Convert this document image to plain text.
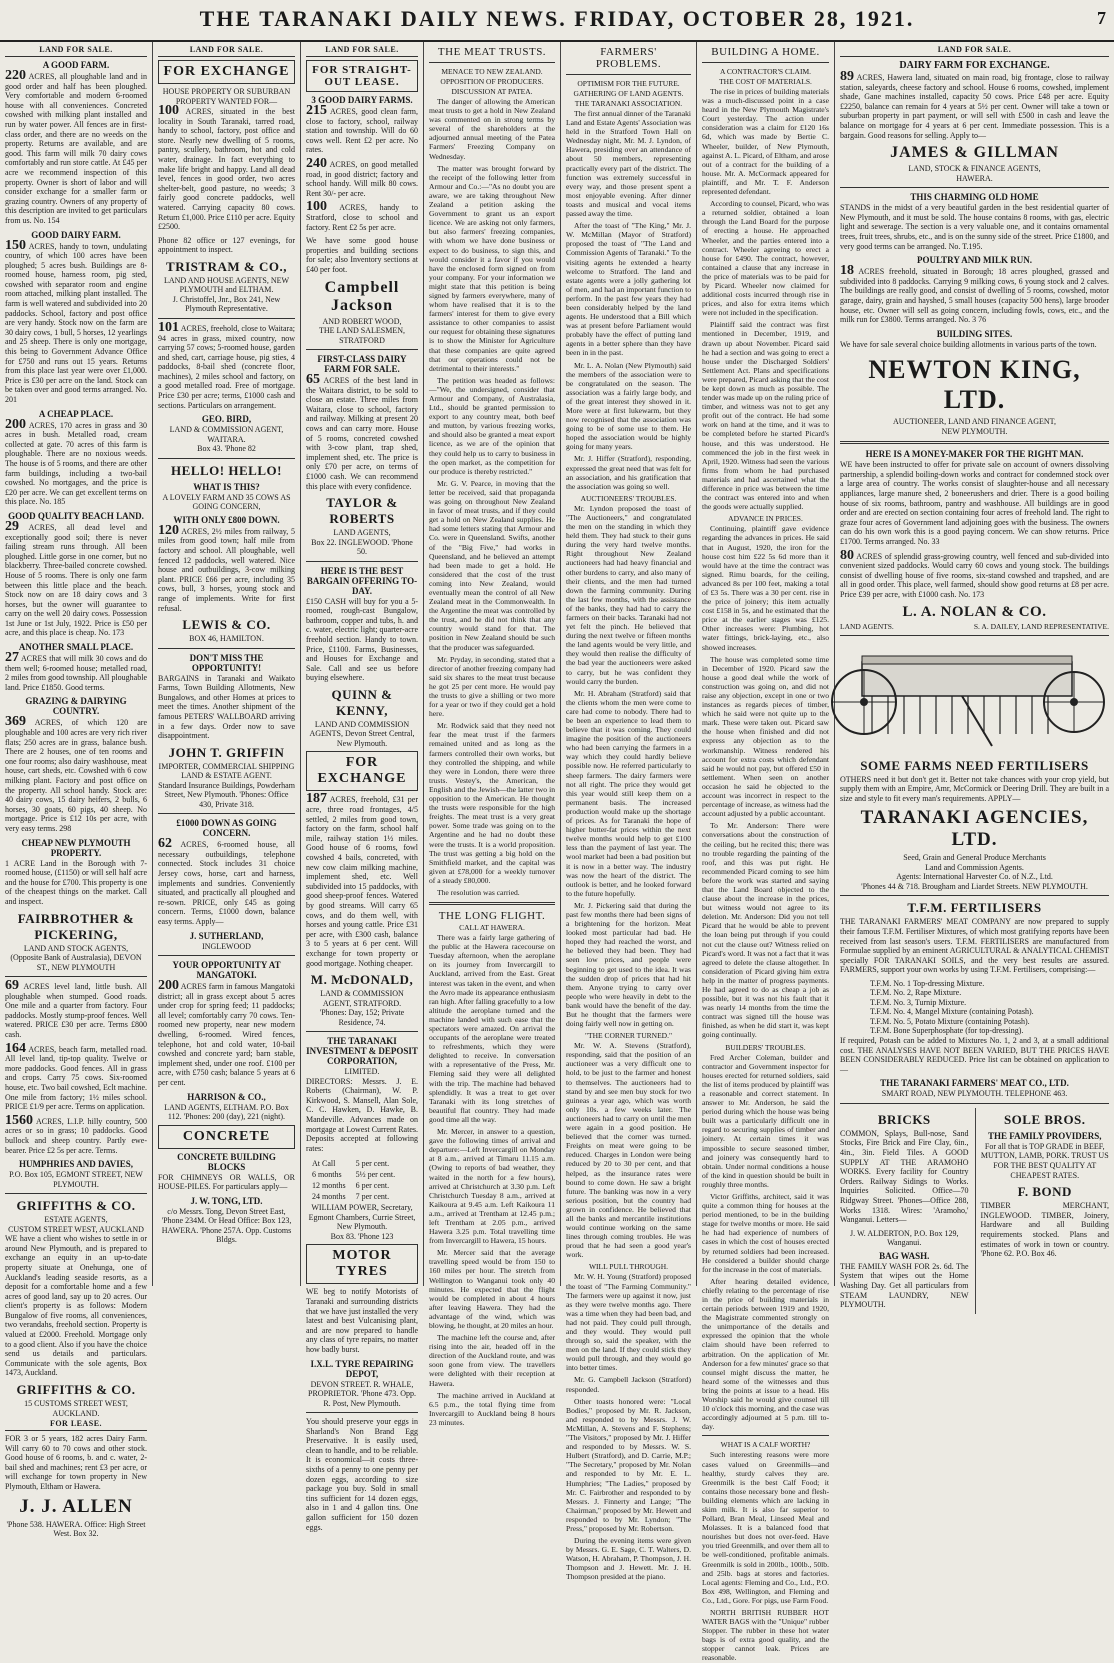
THE TARANAKI DAILY NEWS. FRIDAY, OCTOBER 28, 1921.	7
LAND FOR SALE.
A GOOD FARM.
220 ACRES, all ploughable land and in good order and half has been ploughed. Very comfortable and modern 6-roomed house with all conveniences. Concreted cowshed with milking plant installed and run by water power. All fences are in first-class order, and there are no weeds on the property. Returns are available, and are good. This farm will milk 70 dairy cows comfortably and run store cattle. At £45 per acre we recommend inspection of this property. Owner is short of labor and will consider exchange for a smaller farm or grazing country. Owners of any property of this description are invited to get particulars from us. No. 154
GOOD DAIRY FARM.
150 ACRES, handy to town, undulating country, of which 100 acres have been ploughed; 5 acres bush. Buildings are 8-roomed house, harness room, pig sted, cowshed with separator room and engine room attached, milking plant installed. The farm is well watered and subdivided into 20 paddocks. School, factory and post office are very handy. Stock now on the farm are 30 dairy cows, 1 bull, 5 horses, 12 yearlings and 25 sheep. There is only one mortgage, this being to Government Advance Office for £750 and runs out 15 years. Returns from this place last year were over £1,000. Price is £30 per acre on the land. Stock can be taken over and good terms arranged. No. 201
A CHEAP PLACE.
200 ACRES, 170 acres in grass and 30 acres in bush. Metalled road, cream collected at gate. 70 acres of this farm is ploughable. There are no noxious weeds. The house is of 5 rooms, and there are other farm buildings, including a two-bail cowshed. No mortgages, and the price is £20 per acre. We can get excellent terms on this place. No. 185
GOOD QUALITY BEACH LAND.
29 ACRES, all dead level and exceptionally good soil; there is never failing stream runs through. All been ploughed. Little gorse in one corner, but no blackberry. Three-bailed concrete cowshed. House of 5 rooms. There is only one farm between this little place and the beach. Stock now on are 18 dairy cows and 3 horses, but the owner will guarantee to carry on the well 20 dairy cows. Possession 1st June or 1st July, 1922. Price is £50 per acre, and this place is cheap. No. 173
ANOTHER SMALL PLACE.
27 ACRES that will milk 30 cows and do them well; 6-roomed house; metalled road, 2 miles from good township. All ploughable land. Price £1850. Good terms.
GRAZING & DAIRYING COUNTRY.
369 ACRES, of which 120 are ploughable and 100 acres are very rich river flats; 250 acres are in grass, balance bush. There are 2 houses, one of ten rooms and one four rooms; also dairy washhouse, meat house, cart sheds, etc. Cowshed with 6 cow milking plant. Factory and post office on the property. All school handy. Stock are: 40 dairy cows, 15 dairy heifers, 2 bulls, 6 horses, 30 goats, 60 pigs, 40 sheep. No mortgage. Price is £12 10s per acre, with very easy terms. 298
CHEAP NEW PLYMOUTH PROPERTY.
1 ACRE Land in the Borough with 7-roomed house, (£1150) or will sell half acre and the house for £700. This property is one of the cheapest things on the market. Call and inspect.
FAIRBROTHER & PICKERING,
LAND AND STOCK AGENTS,
(Opposite Bank of Australasia), DEVON ST., NEW PLYMOUTH
69 ACRES level land, little bush. All ploughable when stumped. Good roads. One mile and a quarter from factory. Four paddocks. Mostly stump-proof fences. Well watered. PRICE £30 per acre. Terms £800 cash.
164 ACRES, beach farm, metalled road. All level land, tip-top quality. Twelve or more paddocks. Good fences. All in grass and crops. Carry 75 cows. Six-roomed house, etc. Two bail cowshed, Eclt machine. One mile from factory; 1½ miles school. PRICE £1/9 per acre. Terms on application.
1560 ACRES, L.I.P. hilly country, 500 acres or so in grass; 10 paddocks. Good bullock and sheep country. Partly ewe-bearer. Price £2 5s per acre. Terms.
HUMPHRIES AND DAVIES,
P.O. Box 105, EGMONT STREET, NEW PLYMOUTH.
GRIFFITHS & CO.
ESTATE AGENTS,
CUSTOM STREET WEST, AUCKLAND
WE have a client who wishes to settle in or around New Plymouth, and is prepared to exchange an equity in an up-to-date property situate at Onehunga, one of Auckland's leading seaside resorts, as a deposit for a comfortable home and a few acres of good land, say up to 20 acres. Our client's property is as follows: Modern Bungalow of five rooms, all conveniences, two verandahs, freehold section. Property is valued at £2000. Freehold. Mortgage only to a good client. Also if you have the choice send us details and particulars. Communicate with the sole agents, Box 1473, Auckland.
GRIFFITHS & CO.
15 CUSTOMS STREET WEST, AUCKLAND.
FOR LEASE.
FOR 3 or 5 years, 182 acres Dairy Farm. Will carry 60 to 70 cows and other stock. Good house of 6 rooms, b. and c. water, 2-bail shed and machines; rent £3 per acre, or will exchange for town property in New Plymouth, Eltham or Hawera.
J. J. ALLEN
'Phone 538. HAWERA. Office: High Street West. Box 32.
LAND FOR SALE.
FOR EXCHANGE
HOUSE PROPERTY OR SUBURBAN PROPERTY WANTED FOR—
100 ACRES, situated in the best locality in South Taranaki, tarred road, handy to school, factory, post office and store. Nearly new dwelling of 5 rooms, pantry, scullery, bathroom, hot and cold water, drainage. In fact everything to make life bright and happy. Land all dead level, fences in good order, two acres shelter-belt, good pasture, no weeds; 3 fairly good concrete paddocks, well watered. Carrying capacity 80 cows. Return £1,000. Price £110 per acre. Equity £2500.
Phone 82 office or 127 evenings, for appointment to inspect.
TRISTRAM & CO.,
LAND AND HOUSE AGENTS, NEW PLYMOUTH and ELTHAM.
J. Christoffel, Jnr., Box 241, New Plymouth Representative.
101 ACRES, freehold, close to Waitara; 94 acres in grass, mixed country, now carrying 57 cows; 5-roomed house, garden and shed, cart, carriage house, pig sties, 4 paddocks, 8-bail shed (concrete floor, machines), 2 miles school and factory, on a good metalled road. Free of mortgage. Price £30 per acre; terms, £1000 cash and sections. Particulars on arrangement.
GEO. BIRD,
LAND & COMMISSION AGENT, WAITARA.
Box 43. 'Phone 82
HELLO! HELLO!
WHAT IS THIS?
A LOVELY FARM AND 35 COWS AS GOING CONCERN,
WITH ONLY £800 DOWN.
120 ACRES, 2½ miles from railway, 5 miles from good town; half mile from factory and school. All ploughable, well fenced 12 paddocks, well watered. Nice house and outbuildings, 3-cow milking plant. PRICE £66 per acre, including 35 cows, bull, 3 horses, young stock and range of implements. Write for first refusal.
LEWIS & CO.
BOX 46, HAMILTON.
DON'T MISS THE OPPORTUNITY!
BARGAINS in Taranaki and Waikato Farms, Town Building Allotments, New Bungalows, and other Homes at prices to meet the times. Another shipment of the famous PETERS' WALLBOARD arriving in a few days. Order now to save disappointment.
JOHN T. GRIFFIN
IMPORTER, COMMERCIAL SHIPPING LAND & ESTATE AGENT.
Standard Insurance Buildings, Powderham Street, New Plymouth. 'Phones: Office 430, Private 318.
£1000 DOWN AS GOING CONCERN.
62 ACRES, 6-roomed house, all necessary outbuildings, telephone connected. Stock includes 31 choice Jersey cows, horse, cart and harness, implements and sundries. Conveniently situated, and practically all ploughed and re-sown. PRICE, only £45 as going concern. Terms, £1000 down, balance easy terms. Apply—
J. SUTHERLAND,
INGLEWOOD
YOUR OPPORTUNITY AT MANGATOKI.
200 ACRES farm in famous Mangatoki district; all in grass except about 5 acres under crop for spring feed; 11 paddocks; all level; comfortably carry 70 cows. Ten-roomed new property, near new modern dwelling, 6-roomed. Wired fences, telephone, hot and cold water, 10-bail cowshed and concrete yard; barn stable, implement shed, under one roof. £100 per acre, with £750 cash; balance 5 years at 6 per cent.
HARRISON & CO.,
LAND AGENTS, ELTHAM. P.O. Box 112. 'Phones: 200 (day), 221 (night).
CONCRETE
CONCRETE BUILDING BLOCKS
FOR CHIMNEYS OR WALLS, OR HOUSE-PILES. For particulars apply—
J. W. TONG, LTD.
c/o Messrs. Tong, Devon Street East, 'Phone 234M. Or Head Office: Box 123, HAWERA. 'Phone 257A. Opp. Customs Bldgs.
LAND FOR SALE.
FOR STRAIGHT-OUT LEASE.
3 GOOD DAIRY FARMS.
215 ACRES, good clean farm, close to factory, school, railway station and township. Will do 60 cows well. Rent £2 per acre. No rates.
240 ACRES, on good metalled road, in good district; factory and school handy. Will milk 80 cows. Rent 30/- per acre.
100 ACRES, handy to Stratford, close to school and factory. Rent £2 5s per acre.
We have some good house properties and building sections for sale; also Inventory sections at £40 per foot.
Campbell Jackson
AND ROBERT WOOD,
THE LAND SALESMEN, STRATFORD
FIRST-CLASS DAIRY FARM FOR SALE.
65 ACRES of the best land in the Waitara district, to be sold to close an estate. Three miles from Waitara, close to school, factory and railway. Milking at present 20 cows and can carry more. House of 5 rooms, concreted cowshed with 3-cow plant, trap shed, implement shed, etc. The price is only £70 per acre, on terms of £1000 cash. We can recommend this place with every confidence.
TAYLOR & ROBERTS
LAND AGENTS,
Box 22. INGLEWOOD. 'Phone 50.
HERE IS THE BEST BARGAIN OFFERING TO-DAY.
£150 CASH will buy for you a 5-roomed, rough-cast Bungalow, bathroom, copper and tubs, h. and c. water, electric light; quarter-acre freehold section. Handy to town. Price, £1100. Farms, Businesses, and Houses for Exchange and Sale. Call and see us before buying elsewhere.
QUINN & KENNY,
LAND AND COMMISSION AGENTS, Devon Street Central, New Plymouth.
FOR EXCHANGE
187 ACRES, freehold, £31 per acre, three road frontages, 4/5 settled, 2 miles from good town, factory on the farm, school half mile, railway station 1½ miles. Good house of 6 rooms, fowl cowshed 4 bails, concreted, with new cow claim milking machine, implement shed, etc. Well subdivided into 15 paddocks, with good sheep-proof fences. Watered by good streams. Will carry 65 cows, and do them well, with horses and young cattle. Price £31 per acre, with £300 cash, balance 3 to 5 years at 6 per cent. Will exchange for town property or good mortgage. Nothing cheaper.
M. McDONALD,
LAND & COMMISSION AGENT, STRATFORD.
'Phones: Day, 152; Private Residence, 74.
THE TARANAKI INVESTMENT & DEPOSIT CORPORATION,
LIMITED.
DIRECTORS: Messrs. J. E. Roberts (Chairman), W. P. Kirkwood, S. Mansell, Alan Sole, C. C. Hawken, D. Hawke, B. Mandeville. Advances made on mortgage at Lowest Current Rates. Deposits accepted at following rates:
At Call	5 per cent.
6 months	5½ per cent.
12 months	6 per cent.
24 months	7 per cent.
WILLIAM POWER, Secretary, Egmont Chambers, Currie Street, New Plymouth.
Box 83. 'Phone 123
MOTOR TYRES
WE beg to notify Motorists of Taranaki and surrounding districts that we have just installed the very latest and best Vulcanising plant, and are now prepared to handle any class of tyre repairs, no matter how badly burst.
I.X.L. TYRE REPAIRING DEPOT,
DEVON STREET. R. WHALE, PROPRIETOR. 'Phone 473. Opp. R. Post, New Plymouth.
You should preserve your eggs in Sharland's Non Brand Egg Preservative. It is easily used, clean to handle, and to be reliable. It is economical—it costs three-sixths of a penny to one penny per dozen eggs, according to size package you buy. Sold in small tins sufficient for 14 dozen eggs, also in 1 and 4 gallon tins. One gallon sufficient for 150 dozen eggs.
THE MEAT TRUSTS.
MENACE TO NEW ZEALAND.
OPPOSITION OF PRODUCERS.
DISCUSSION AT PATEA.

The danger of allowing the American meat trusts to get a hold in New Zealand was commented on in strong terms by several of the shareholders at the adjourned annual meeting of the Patea Farmers' Freezing Company on Wednesday.

The matter was brought forward by the receipt of the following letter from Armour and Co.:—"As no doubt you are aware, we are taking throughout New Zealand a petition asking the Government to grant us an export licence. We are asking not only farmers, but also farmers' freezing companies, with whom we have done business or expect to do business, to sign this, and would consider it a favor if you would have the enclosed form signed on from your company. For your information we might state that this petition is being signed by farmers everywhere, many of whom have realised that it is to the farmers' interest for them to give every assistance to other companies to assist our request for obtaining these signatures is to show the Minister for Agriculture that these companies are quite agreed that our operations could not be detrimental to their interests."

The petition was headed as follows:—"We, the undersigned, consider that Armour and Company, of Australasia, Ltd., should be granted permission to export to any country meat, both beef and mutton, by various freezing works, and should also be granted a meat export licence, as we are of the opinion that they could help us to carry to business in the open market, as the competition for our produce is thereby restricted."

Mr. G. V. Pearce, in moving that the letter be received, said that propaganda was going on throughout New Zealand in favor of meat trusts, and if they could get a hold on New Zealand supplies. He had some letters stating that Armour and Co. were in Queensland. Swifts, another of the "Big Five," had works in Queensland, and he believed an attempt had been made to get a hold. He considered that the cost of the trust coming into New Zealand, would eventually mean the control of all New Zealand meat in the Commonwealth. In the Argentine the meat was controlled by the trust, and he did not think that any country would stand for that. The position in New Zealand should be such that the producer was safeguarded.

Mr. Pryday, in seconding, stated that a director of another freezing company had said six shares to the meat trust because he got 25 per cent more. He would pay the trusts to give a shilling or two more for a year or two if they could get a hold here.

Mr. Rodwick said that they need not fear the meat trust if the farmers remained united and as long as the farmers controlled their own works, but they controlled the shipping, and while they were in London, there were three trusts. Vestey's, the American, the English and the Jewish—the latter two in opposition to the American. He thought the trusts were responsible for the high freights. The meat trust is a very great power. Some trade was going on to the Argentine and he had no doubt these were the trusts. It is a world proposition. The trust was getting a big hold on the Smithfield market, and the capital was given at £78,000 for a weekly turnover of a steady £80,000.

The resolution was carried.

THE LONG FLIGHT.
CALL AT HAWERA.

There was a fairly large gathering of the public at the Hawera racecourse on Tuesday afternoon, when the aeroplane on its journey from Invercargill to Auckland, arrived from the East. Great interest was taken in the event, and when the Avro made its appearance enthusiasm ran high. After falling gracefully to a low altitude the aeroplane turned and the machine landed with such ease that the spectators were amazed. On arrival the occupants of the aeroplane were treated to refreshments, which they were delighted to receive. In conversation with a representative of the Press, Mr. Fleming said they were all delighted with the trip. The machine had behaved splendidly. It was a treat to get over Taranaki with its long stretches of beautiful flat country. They had made good time all the way.

Mr. Mercer, in answer to a question, gave the following times of arrival and departure:—Left Invercargill on Monday at 8 a.m., arrived at Timaru 11.15 a.m. (Owing to reports of bad weather, they waited in the north for a few hours), arrived at Christchurch at 3.30 p.m. Left Christchurch Tuesday 8 a.m., arrived at Kaikoura at 9.45 a.m. Left Kaikoura 11 a.m., arrived at Trentham at 12.45 p.m.; left Trentham at 2.05 p.m., arrived Hawera 3.25 p.m. Total travelling time from Invercargill to Hawera, 15 hours.

Mr. Mercer said that the average travelling speed would be from 150 to 160 miles per hour. The stretch from Wellington to Wanganui took only 40 minutes. He expected that the flight would be completed in about 4 hours after leaving Hawera. They had the advantage of the wind, which was blowing, he thought, at 20 miles an hour.

The machine left the course and, after rising into the air, headed off in the direction of the Auckland route, and was soon gone from view. The travellers were delighted with their reception at Hawera.

The machine arrived in Auckland at 6.5 p.m., the total flying time from Invercargill to Auckland being 8 hours 23 minutes.

FARMERS' PROBLEMS.
OPTIMISM FOR THE FUTURE.
GATHERING OF LAND AGENTS.
THE TARANAKI ASSOCIATION.

The first annual dinner of the Taranaki Land and Estate Agents' Association was held in the Stratford Town Hall on Wednesday night, Mr. M. J. Lyndon, of Hawera, presiding over an attendance of about 50 members, representing practically every part of the district. The function was extremely successful in every way, and those present spent a most enjoyable evening. After dinner toasts and musical and vocal items passed away the time.

After the toast of "The King," Mr. J. W. McMillan (Mayor of Stratford) proposed the toast of "The Land and Commission Agents of Taranaki." To the visiting agents he extended a hearty welcome to Stratford. The land and estate agents were a jolly gathering lot of men, and had an important function to perform. In the past few years they had been considerably helped by the land agents. He understood that a Bill which was at present before Parliament would probably have the effect of putting land agents in a better sphere than they have been in in the past.

Mr. L. A. Nolan (New Plymouth) said the members of the association were to be congratulated on the season. The association was a fairly large body, and of the great interest they showed in it. More were at first lukewarm, but they now recognised that the association was going to be of some use to them. He hoped the association would be highly going for many years.

Mr. J. Hiffer (Stratford), responding, expressed the great need that was felt for an association, and his gratification that the association was going so well.

AUCTIONEERS' TROUBLES.

Mr. Lyndon proposed the toast of "The Auctioneers," and congratulated the men on the standing in which they held them. They had stuck to their guns during the very hard twelve months. Right throughout New Zealand auctioneers had had heavy financial and other burdens to carry, and also many of their clients, and the men had turned down the farming community. During the last few months, with the assistance of the banks, they had had to carry the farmers on their backs. Taranaki had not yet felt the pinch. He believed that during the next twelve or fifteen months the land agents would be very little, and they would then realise the difficulty of the bad year the auctioneers were asked to carry, but he was confident they would carry the burden.

Mr. H. Abraham (Stratford) said that the clients whom the men were come to care had come to nobody. There had to be been an experience to lead them to believe that it was coming. They could imagine the position of the auctioneers who had been carrying the farmers in a way which they could hardly believe possible now. He referred particularly to sheep farmers. The dairy farmers were not all right. The price they would get this year would still keep them on a permanent basis. The increased production would make up the shortage of prices. As for Taranaki the hope of higher butter-fat prices within the next twelve months would help to get £100 less than the payment of last year. The wool market had been a bad position but it is now in a better way. The industry was now the heart of the district. The outlook is better, and he looked forward to the future hopefully.

Mr. J. Pickering said that during the past few months there had been signs of a brightening for the horizon. Meat looked most particular had bad. He hoped they had reached the worst, and he believed they had been. They had seen low prices, and people were beginning to get used to the idea. It was the sudden drop of prices that had hit them. Anyone trying to carry over people who were heavily in debt to the bank would have the benefit of the day. But he thought that the farmers were doing fairly well now in getting on.

"THE CORNER TURNED."

Mr. W. A. Stevens (Stratford), responding, said that the position of an auctioneer was a very difficult one to hold, to be just to the farmer and honest to themselves. The auctioneers had to stand by and see men buy stock for two guineas a year ago, which was worth only 10s. a few weeks later. The auctioneers had to carry on until the men were again in a good position. He believed that the corner was turned. Freights on meat were going to be reduced. Charges in London were being reduced by 20 to 30 per cent, and that helped, as the insurance rates were bound to come down. He saw a bright future. The banking was now in a very serious position, but the country had grown in confidence. He believed that all the banks and mercantile institutions would continue working on the same lines through coming troubles. He was proud that he had seen a good year's work.

WILL PULL THROUGH.

Mr. W. H. Young (Stratford) proposed the toast of "The Farming Community." The farmers were up against it now, just as they were twelve months ago. There was a time when they had been bad, and had not paid. They could pull through, and they would. They would pull through so, said the speaker, with the men on the land. If they could stick they would pull through, and they would go into better times.

Mr. G. Campbell Jackson (Stratford) responded.

Other toasts honored were: "Local Bodies," proposed by Mr. R. Jackson, and responded to by Messrs. J. W. McMillan, A. Stevens and F. Stephens; "The Visitors," proposed by Mr. J. Hiffer and responded to by Messrs. W. S. Hulbert (Stratford), and D. Carrie, M.P.; "The Secretary," proposed by Mr. Nolan and responded to by Mr. E. L. Humphries; "The Ladies," proposed by Mr. C. Fairbrother and responded to by Messrs. J. Finnerty and Lange; "The Chairman," proposed by Mr. Hewett and responded to by Mr. Lyndon; "The Press," proposed by Mr. Robertson.

During the evening items were given by Messrs. G. E. Sage, C. T. Walters, D. Watson, H. Abraham, P. Thompson, J. H. Thompson and J. Hewett. Mr. J. H. Thompson presided at the piano.

BUILDING A HOME.
A CONTRACTOR'S CLAIM.
THE COST OF MATERIALS.

The rise in prices of building materials was a much-discussed point in a case heard in the New Plymouth Magistrate's Court yesterday. The action under consideration was a claim for £120 16s 6d, which was made by Bertie C. Wheeler, builder, of New Plymouth, against A. L. Picard, of Eltham, and arose out of a contract for the building of a house. Mr. A. McCormack appeared for plaintiff, and Mr. T. F. Anderson represented defendant.

According to counsel, Picard, who was a returned soldier, obtained a loan through the Land Board for the purpose of erecting a house. He approached Wheeler, and the parties entered into a contract. Wheeler agreeing to erect a house for £490. The contract, however, contained a clause that any increase in the price of materials was to be paid for by Picard. Wheeler now claimed for additional costs incurred through rise in prices, and also for extra items which were not included in the specification.

Plaintiff said the contract was first mentioned in December, 1919, and drawn up about November. Picard said he had a section and was going to erect a house under the Discharged Soldiers' Settlement Act. Plans and specifications were prepared, Picard asking that the cost be kept down as much as possible. The tender was made up on the ruling price of timber, and witness was not to get any profit out of the contract. He had some work on hand at the time, and it was to be completed before he started Picard's house, and this was understood. He commenced the job in the first week in April, 1920. Witness had seen the various firms from whom he had purchased materials and had ascertained what the difference in price was between the time the contract was entered into and when the goods were actually supplied.

ADVANCE IN PRICES.

Continuing, plaintiff gave evidence regarding the advances in prices. He said that in August, 1920, the iron for the house cost him £22 5s 6d more than it would have at the time the contract was signed. Rimu boards, for the ceiling, advanced 8s per 100 feet, making a total of £3 5s. There was a 30 per cent. rise in the price of joinery; this item actually cost £158 in 5s, and he estimated that the price at the earlier stages was £125. Other increases were: Plumbing, hot water fittings, brick-laying, etc., also showed increases.

The house was completed some time in December of 1920. Picard saw the house a good deal while the work of construction was going on, and did not raise any objection, except in one or two instances as regards pieces of timber, which he said were not quite up to the mark. These were taken out. Picard saw the house when finished and did not express any objection as to the workmanship. Witness rendered his account for extra costs which defendant said he would not pay, but offered £50 in settlement. When seen on another occasion he said he objected to the account was incorrect in respect to the percentage of increase, as witness had the account adjusted by a public accountant.

To Mr. Anderson: There were conversations about the construction of the ceiling, but he recited this; there was no trouble regarding the painting of the roof, and this was put right. He recommended Picard coming to see him before the work was started and saying that the Land Board objected to the clause about the increase in the prices, but witness would not agree to its deletion. Mr. Anderson: Did you not tell Picard that he would be able to prevent the loan being put through if you could not cut the clause out? Witness relied on Picard's word. It was not a fact that it was agreed to delete the clause altogether. In consideration of Picard giving him extra help in the matter of progress payments. He had agreed to do as cheap a job as possible, but it was not his fault that it was nearly 14 months from the time the contract was signed till the house was finished, as when he did start it, was kept going continually.

BUILDERS' TROUBLES.

Fred Archer Coleman, builder and contractor and Government inspector for houses erected for returned soldiers, said the list of items produced by plaintiff was a reasonable and correct statement. In answer to Mr. Anderson, he said the period during which the house was being built was a particularly difficult one in regard to securing supplies of timber and joinery. At certain times it was impossible to secure seasoned timber, and joinery was consequently hard to obtain. Under normal conditions a house of the kind in question should be built in roughly three months.

Victor Griffiths, architect, said it was quite a common thing for houses at the period mentioned, to be in the building stage for twelve months or more. He said he had had experience of numbers of cases in which the cost of houses erected by returned soldiers had been increased. He considered a builder should charge for the increase in the cost of materials.

After hearing detailed evidence, chiefly relating to the percentage of rise in the price of building materials in certain periods between 1919 and 1920, the Magistrate commented strongly on the unimportance of the details and expressed the opinion that the whole claim should have been referred to arbitration. On the application of Mr. Anderson for a few minutes' grace so that counsel might discuss the matter, he heard some of the witnesses and thus bring the points at issue to a head. His Worship said he would give counsel till 10 o'clock this morning, and the case was accordingly adjourned at 5 p.m. till to-day.

WHAT IS A CALF WORTH?

Such interesting reasons were more cases valued on Greenmills—and healthy, sturdy calves they are. Greenmilk is the best Calf Food; it contains those necessary bone and flesh-building elements which are lacking in skim milk. It is also far superior to Pollard, Bran Meal, Linseed Meal and Molasses. It is a balanced food that nourishes but does not over-feed. Have you tried Greenmilk, and over them all to be well-conditioned, profitable animals. Greenmilk is sold in 200lb., 100lb., 50lb. and 25lb. bags at stores and factories. Local agents: Fleming and Co., Ltd., P.O. Box 498, Wellington, and Fleming and Co., Ltd., Gore. For pigs, use Farm Food.

NORTH BRITISH RUBBER HOT WATER BAGS with the "Unique" rubber Stopper. The rubber in these hot water bags is of extra good quality, and the stopper cannot leak. Prices are reasonable.

LAND FOR SALE.
DAIRY FARM FOR EXCHANGE.
89 ACRES, Hawera land, situated on main road, big frontage, close to railway station, saleyards, cheese factory and school. House 6 rooms, cowshed, implement shade, Gane machines installed, capacity 50 cows. Price £48 per acre. Equity £2250, balance can remain for 4 years at 5½ per cent. Owner will take a town or suburban property in part payment, or will sell with £500 in cash and leave the balance on mortgage for 4 years at 6 per cent. Immediate possession. This is a bargain. Good reasons for selling. Apply to—
JAMES & GILLMAN
LAND, STOCK & FINANCE AGENTS,
HAWERA.
THIS CHARMING OLD HOME
STANDS in the midst of a very beautiful garden in the best residential quarter of New Plymouth, and it must be sold. The house contains 8 rooms, with gas, electric light and sewerage. The section is a very valuable one, and it contains ornamental trees, fruit trees, shrubs, etc., and is on the sunny side of the street. Price £1800, and very good terms can be arranged. No. T.195.
POULTRY AND MILK RUN.
18 ACRES freehold, situated in Borough; 18 acres ploughed, grassed and subdivided into 8 paddocks. Carrying 9 milking cows, 6 young stock and 2 calves. The buildings are really good, and consist of dwelling of 5 rooms, cowshed, motor garage, dairy, grain and hayshed, 5 small houses (capacity 500 hens), large brooder house, etc. Owner will sell as going concern, including fowls, cows, etc., and the milk run for £3800. Terms arranged. No. 3 76
BUILDING SITES.
We have for sale several choice building allotments in various parts of the town.
NEWTON KING, LTD.
AUCTIONEER, LAND AND FINANCE AGENT,
NEW PLYMOUTH.
HERE IS A MONEY-MAKER FOR THE RIGHT MAN.
WE have been instructed to offer for private sale on account of owners dissolving partnership, a splendid boiling-down works and contract for condemned stock over a large area of country. The works consist of slaughter-house and all necessary appliances, large manure shed, 2 boneerushers and drier. There is a good boiling house of six rooms, bathroom, pantry and washhouse. All buildings are in good order and are erected on section containing four acres of freehold land. The right to graze four acres of Government land adjoining goes with the business. The owners can do his own work this is a good paying concern. We can show returns. Price £1700. Terms arranged. No. 33
80 ACRES of splendid grass-growing country, well fenced and sub-divided into convenient sized paddocks. Would carry 60 cows and young stock. The buildings consist of dwelling house of five rooms, six-stand cowshed and trapshed, and are all in good order. This place, well farmed, should show good returns at £8 per acre. Price £39 per acre, with £1000 cash. No. 173
L. A. NOLAN & CO.
LAND AGENTS.	S. A. DAILEY, LAND REPRESENTATIVE.
SOME FARMS NEED FERTILISERS
OTHERS need it but don't get it. Better not take chances with your crop yield, but supply them with an Empire, Amr, McCormick or Deering Drill. They are built in a size and style to fit every man's requirements. APPLY—
TARANAKI AGENCIES, LTD.
Seed, Grain and General Produce Merchants
Land and Commission Agents.
Agents: International Harvester Co. of N.Z., Ltd.
'Phones 44 & 718. Brougham and Liardet Streets. NEW PLYMOUTH.
T.F.M. FERTILISERS
THE TARANAKI FARMERS' MEAT COMPANY are now prepared to supply their famous T.F.M. Fertiliser Mixtures, of which most gratifying reports have been received from last season's users. T.F.M. FERTILISERS are manufactured from Formulae supplied by an eminent AGRICULTURAL & ANALYTICAL CHEMIST specially FOR TARANAKI SOILS, and the very best results are assured. FARMERS, support your own works by using T.F.M. Fertilisers, comprising:—
T.F.M. No. 1 Top-dressing Mixture.
T.F.M. No. 2, Rape Mixture.
T.F.M. No. 3, Turnip Mixture.
T.F.M. No. 4, Mangel Mixture (containing Potash).
T.F.M. No. 5, Potato Mixture (containing Potash).
T.F.M. Bone Superphosphate (for top-dressing).
If required, Potash can be added to Mixtures No. 1, 2 and 3, at a small additional cost. THE ANALYSES HAVE NOT BEEN VARIED, BUT THE PRICES HAVE BEEN CONSIDERABLY REDUCED. Price list can be obtained on application to—
THE TARANAKI FARMERS' MEAT CO., LTD.
SMART ROAD, NEW PLYMOUTH. TELEPHONE 463.
BRICKS
COMMON, Splays, Bull-nose, Sand Stocks, Fire Brick and Fire Clay, 6in., 4in., 3in. Field Tiles. A GOOD SUPPLY AT THE ARAMOHO WORKS. Every facility for Country Orders. Railway Sidings to Works. Inquiries Solicited. Office—70 Ridgway Street. 'Phones—Office 288, Works 1318. Wires: 'Aramoho,' Wanganui. Letters—
J. W. ALDERTON, P.O. Box 129, Wanganui.
BAG WASH.
THE FAMILY WASH FOR 2s. 6d. The System that wipes out the Home Washing Day. Get all particulars from STEAM LAUNDRY, NEW PLYMOUTH.
SOLE BROS.
THE FAMILY PROVIDERS,
For all that is TOP GRADE in BEEF, MUTTON, LAMB, PORK. TRUST US FOR THE BEST QUALITY AT CHEAPEST RATES.
F. BOND
TIMBER MERCHANT, INGLEWOOD. TIMBER, Joinery, Hardware and all Building requirements stocked. Plans and estimates of work in town or country. 'Phone 62. P.O. Box 46.
